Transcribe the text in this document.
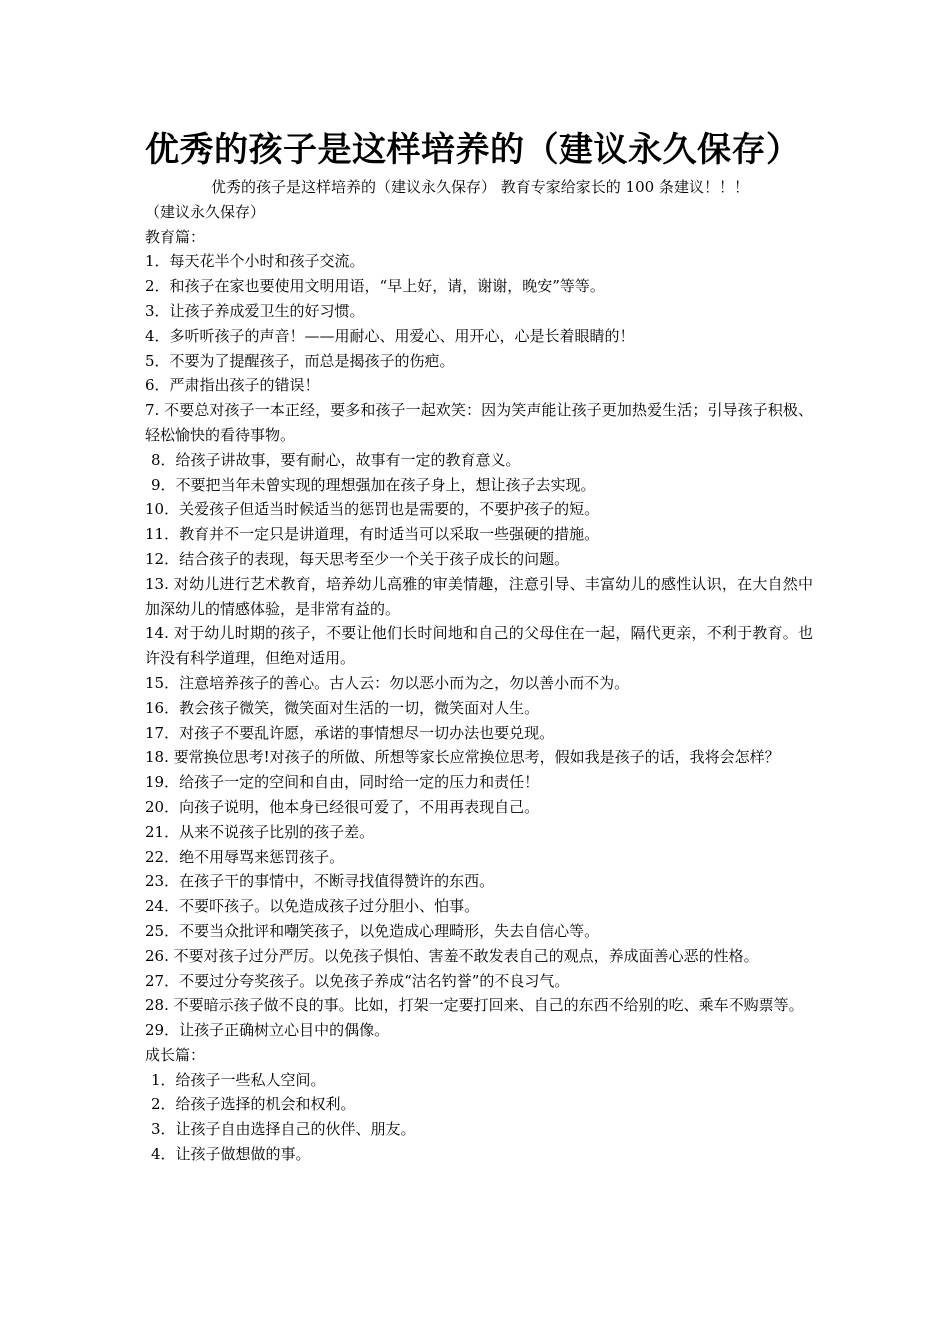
优秀的孩子是这样培养的（建议永久保存）
优秀的孩子是这样培养的（建议永久保存） 教育专家给家长的 100 条建议！！！
（建议永久保存）
教育篇：
1．每天花半个小时和孩子交流。
2．和孩子在家也要使用文明用语，“早上好，请，谢谢，晚安”等等。
3．让孩子养成爱卫生的好习惯。
4．多听听孩子的声音！——用耐心、用爱心、用开心，心是长着眼睛的！
5．不要为了提醒孩子，而总是揭孩子的伤疤。
6．严肃指出孩子的错误！
7. 不要总对孩子一本正经，要多和孩子一起欢笑：因为笑声能让孩子更加热爱生活；引导孩子积极、轻松愉快的看待事物。
8．给孩子讲故事，要有耐心，故事有一定的教育意义。
9．不要把当年未曾实现的理想强加在孩子身上，想让孩子去实现。
10．关爱孩子但适当时候适当的惩罚也是需要的，不要护孩子的短。
11．教育并不一定只是讲道理，有时适当可以采取一些强硬的措施。
12．结合孩子的表现，每天思考至少一个关于孩子成长的问题。
13. 对幼儿进行艺术教育，培养幼儿高雅的审美情趣，注意引导、丰富幼儿的感性认识，在大自然中加深幼儿的情感体验，是非常有益的。
14. 对于幼儿时期的孩子，不要让他们长时间地和自己的父母住在一起，隔代更亲，不利于教育。也许没有科学道理，但绝对适用。
15．注意培养孩子的善心。古人云：勿以恶小而为之，勿以善小而不为。
16．教会孩子微笑，微笑面对生活的一切，微笑面对人生。
17．对孩子不要乱许愿，承诺的事情想尽一切办法也要兑现。
18. 要常换位思考!对孩子的所做、所想等家长应常换位思考，假如我是孩子的话，我将会怎样？
19．给孩子一定的空间和自由，同时给一定的压力和责任！
20．向孩子说明，他本身已经很可爱了，不用再表现自己。
21．从来不说孩子比别的孩子差。
22．绝不用辱骂来惩罚孩子。
23．在孩子干的事情中，不断寻找值得赞许的东西。
24．不要吓孩子。以免造成孩子过分胆小、怕事。
25．不要当众批评和嘲笑孩子，以免造成心理畸形，失去自信心等。
26. 不要对孩子过分严厉。以免孩子惧怕、害羞不敢发表自己的观点，养成面善心恶的性格。
27．不要过分夸奖孩子。以免孩子养成“沽名钓誉”的不良习气。
28. 不要暗示孩子做不良的事。比如，打架一定要打回来、自己的东西不给别的吃、乘车不购票等。
29．让孩子正确树立心目中的偶像。
成长篇：
1．给孩子一些私人空间。
2．给孩子选择的机会和权利。
3．让孩子自由选择自己的伙伴、朋友。
4．让孩子做想做的事。
